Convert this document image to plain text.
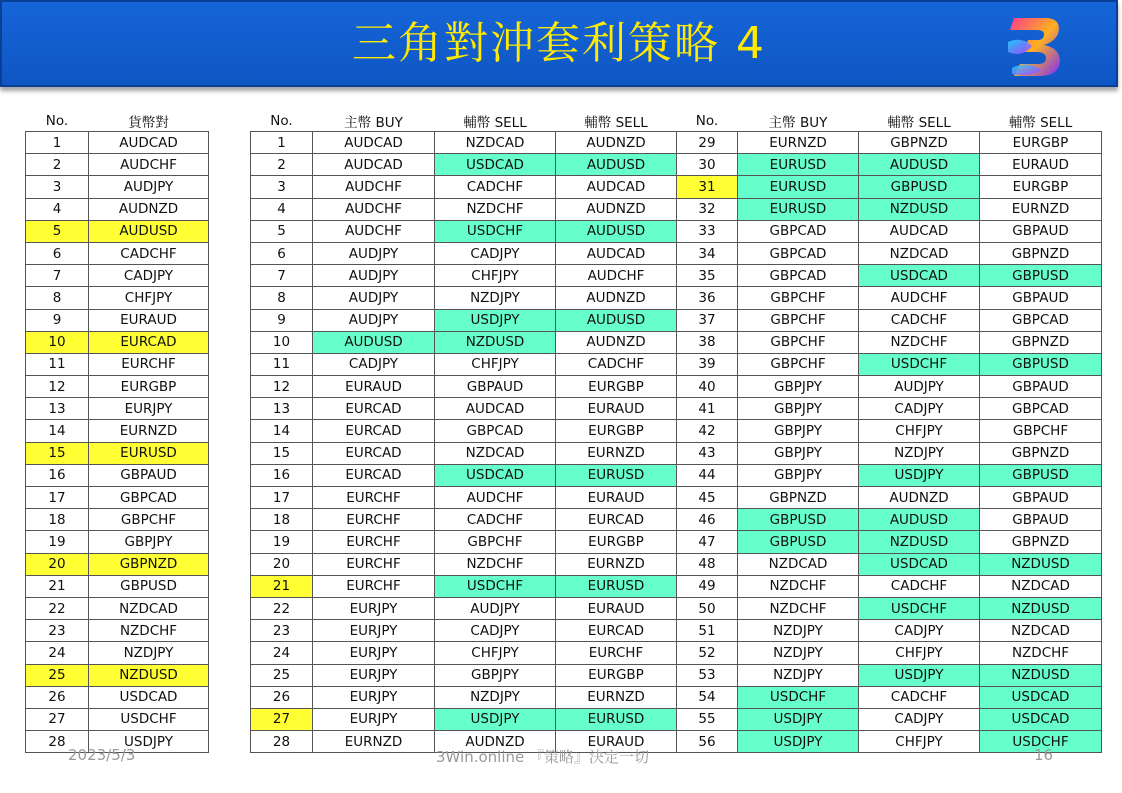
三角對沖套利策略 4
No.	貨幣對
1	AUDCAD
2	AUDCHF
3	AUDJPY
4	AUDNZD
5	AUDUSD
6	CADCHF
7	CADJPY
8	CHFJPY
9	EURAUD
10	EURCAD
11	EURCHF
12	EURGBP
13	EURJPY
14	EURNZD
15	EURUSD
16	GBPAUD
17	GBPCAD
18	GBPCHF
19	GBPJPY
20	GBPNZD
21	GBPUSD
22	NZDCAD
23	NZDCHF
24	NZDJPY
25	NZDUSD
26	USDCAD
27	USDCHF
28	USDJPY
No.	主幣 BUY	輔幣 SELL	輔幣 SELL	No.	主幣 BUY	輔幣 SELL	輔幣 SELL
1	AUDCAD	NZDCAD	AUDNZD	29	EURNZD	GBPNZD	EURGBP
2	AUDCAD	USDCAD	AUDUSD	30	EURUSD	AUDUSD	EURAUD
3	AUDCHF	CADCHF	AUDCAD	31	EURUSD	GBPUSD	EURGBP
4	AUDCHF	NZDCHF	AUDNZD	32	EURUSD	NZDUSD	EURNZD
5	AUDCHF	USDCHF	AUDUSD	33	GBPCAD	AUDCAD	GBPAUD
6	AUDJPY	CADJPY	AUDCAD	34	GBPCAD	NZDCAD	GBPNZD
7	AUDJPY	CHFJPY	AUDCHF	35	GBPCAD	USDCAD	GBPUSD
8	AUDJPY	NZDJPY	AUDNZD	36	GBPCHF	AUDCHF	GBPAUD
9	AUDJPY	USDJPY	AUDUSD	37	GBPCHF	CADCHF	GBPCAD
10	AUDUSD	NZDUSD	AUDNZD	38	GBPCHF	NZDCHF	GBPNZD
11	CADJPY	CHFJPY	CADCHF	39	GBPCHF	USDCHF	GBPUSD
12	EURAUD	GBPAUD	EURGBP	40	GBPJPY	AUDJPY	GBPAUD
13	EURCAD	AUDCAD	EURAUD	41	GBPJPY	CADJPY	GBPCAD
14	EURCAD	GBPCAD	EURGBP	42	GBPJPY	CHFJPY	GBPCHF
15	EURCAD	NZDCAD	EURNZD	43	GBPJPY	NZDJPY	GBPNZD
16	EURCAD	USDCAD	EURUSD	44	GBPJPY	USDJPY	GBPUSD
17	EURCHF	AUDCHF	EURAUD	45	GBPNZD	AUDNZD	GBPAUD
18	EURCHF	CADCHF	EURCAD	46	GBPUSD	AUDUSD	GBPAUD
19	EURCHF	GBPCHF	EURGBP	47	GBPUSD	NZDUSD	GBPNZD
20	EURCHF	NZDCHF	EURNZD	48	NZDCAD	USDCAD	NZDUSD
21	EURCHF	USDCHF	EURUSD	49	NZDCHF	CADCHF	NZDCAD
22	EURJPY	AUDJPY	EURAUD	50	NZDCHF	USDCHF	NZDUSD
23	EURJPY	CADJPY	EURCAD	51	NZDJPY	CADJPY	NZDCAD
24	EURJPY	CHFJPY	EURCHF	52	NZDJPY	CHFJPY	NZDCHF
25	EURJPY	GBPJPY	EURGBP	53	NZDJPY	USDJPY	NZDUSD
26	EURJPY	NZDJPY	EURNZD	54	USDCHF	CADCHF	USDCAD
27	EURJPY	USDJPY	EURUSD	55	USDJPY	CADJPY	USDCAD
28	EURNZD	AUDNZD	EURAUD	56	USDJPY	CHFJPY	USDCHF
2023/5/3	3Win.online 『策略』決定一切	16
